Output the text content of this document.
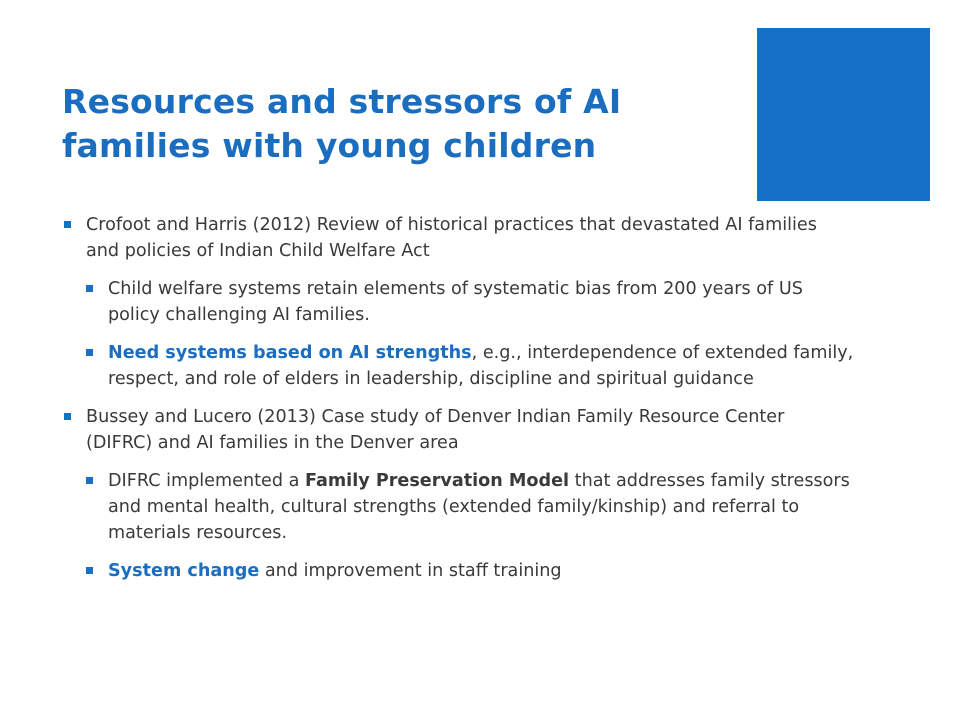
Resources and stressors of AI
families with young children

Crofoot and Harris (2012) Review of historical practices that devastated AI families and policies of Indian Child Welfare Act

Child welfare systems retain elements of systematic bias from 200 years of US policy challenging AI families.

Need systems based on AI strengths, e.g., interdependence of extended family, respect, and role of elders in leadership, discipline and spiritual guidance

Bussey and Lucero (2013) Case study of Denver Indian Family Resource Center (DIFRC) and AI families in the Denver area

DIFRC implemented a Family Preservation Model that addresses family stressors and mental health, cultural strengths (extended family/kinship) and referral to materials resources.

System change and improvement in staff training
